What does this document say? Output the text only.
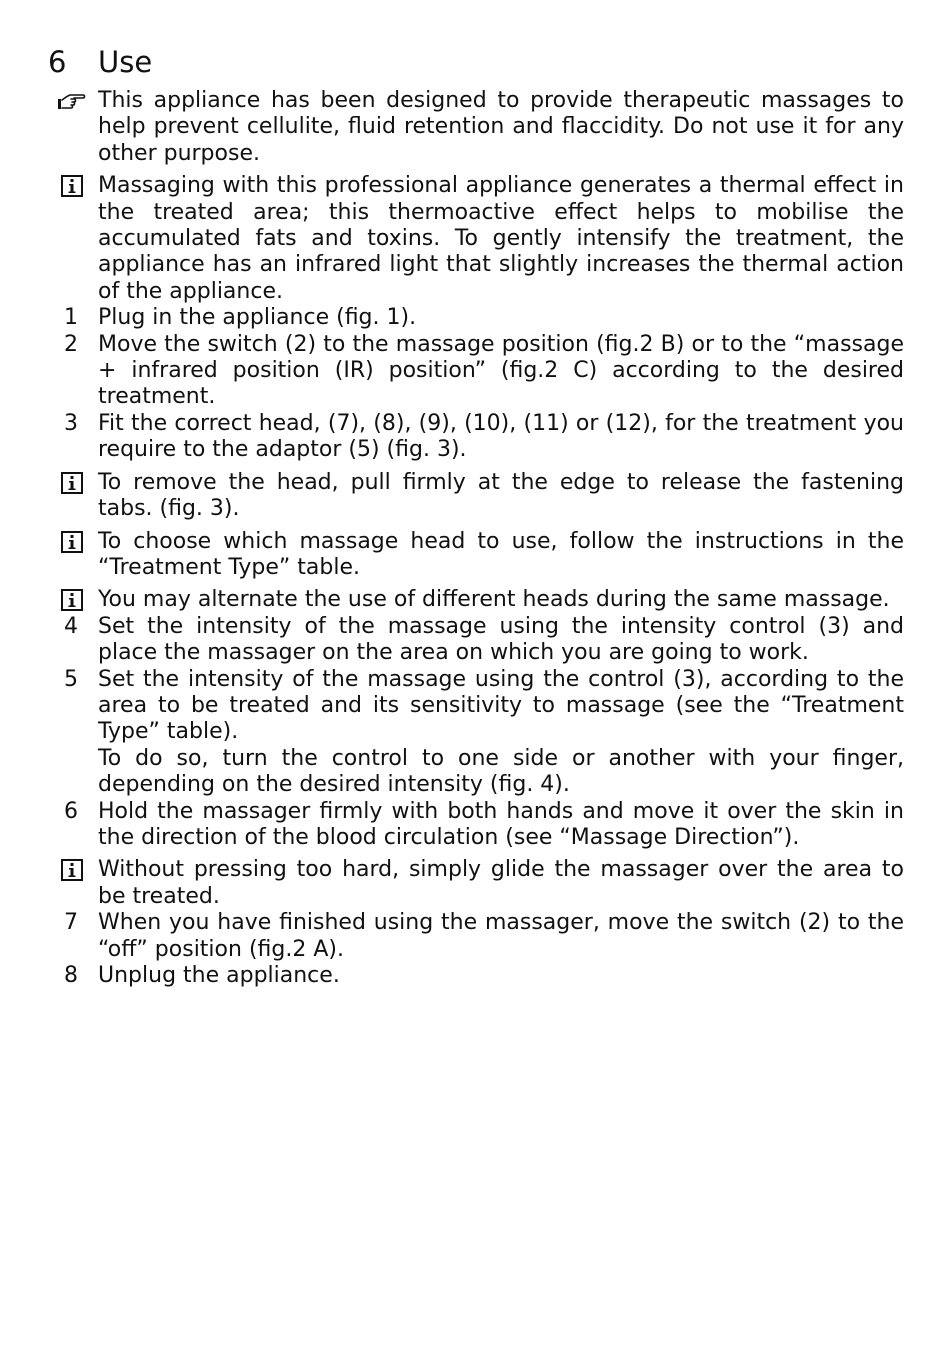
6	Use
This appliance has been designed to provide therapeutic massages to help prevent cellulite, fluid retention and flaccidity. Do not use it for any other purpose.
Massaging with this professional appliance generates a thermal effect in the treated area; this thermoactive effect helps to mobilise the accumulated fats and toxins. To gently intensify the treatment, the appliance has an infrared light that slightly increases the thermal action of the appliance.
1 Plug in the appliance (fig. 1).
2 Move the switch (2) to the massage position (fig.2 B) or to the “massage + infrared position (IR) position” (fig.2 C) according to the desired treatment.
3 Fit the correct head, (7), (8), (9), (10), (11) or (12), for the treatment you require to the adaptor (5) (fig. 3).
To remove the head, pull firmly at the edge to release the fastening tabs. (fig. 3).
To choose which massage head to use, follow the instructions in the “Treatment Type” table.
You may alternate the use of different heads during the same massage.
4 Set the intensity of the massage using the intensity control (3) and place the massager on the area on which you are going to work.
5 Set the intensity of the massage using the control (3), according to the area to be treated and its sensitivity to massage (see the “Treatment Type” table).
To do so, turn the control to one side or another with your finger, depending on the desired intensity (fig. 4).
6 Hold the massager firmly with both hands and move it over the skin in the direction of the blood circulation (see “Massage Direction”).
Without pressing too hard, simply glide the massager over the area to be treated.
7 When you have finished using the massager, move the switch (2) to the “off” position (fig.2 A).
8 Unplug the appliance.
